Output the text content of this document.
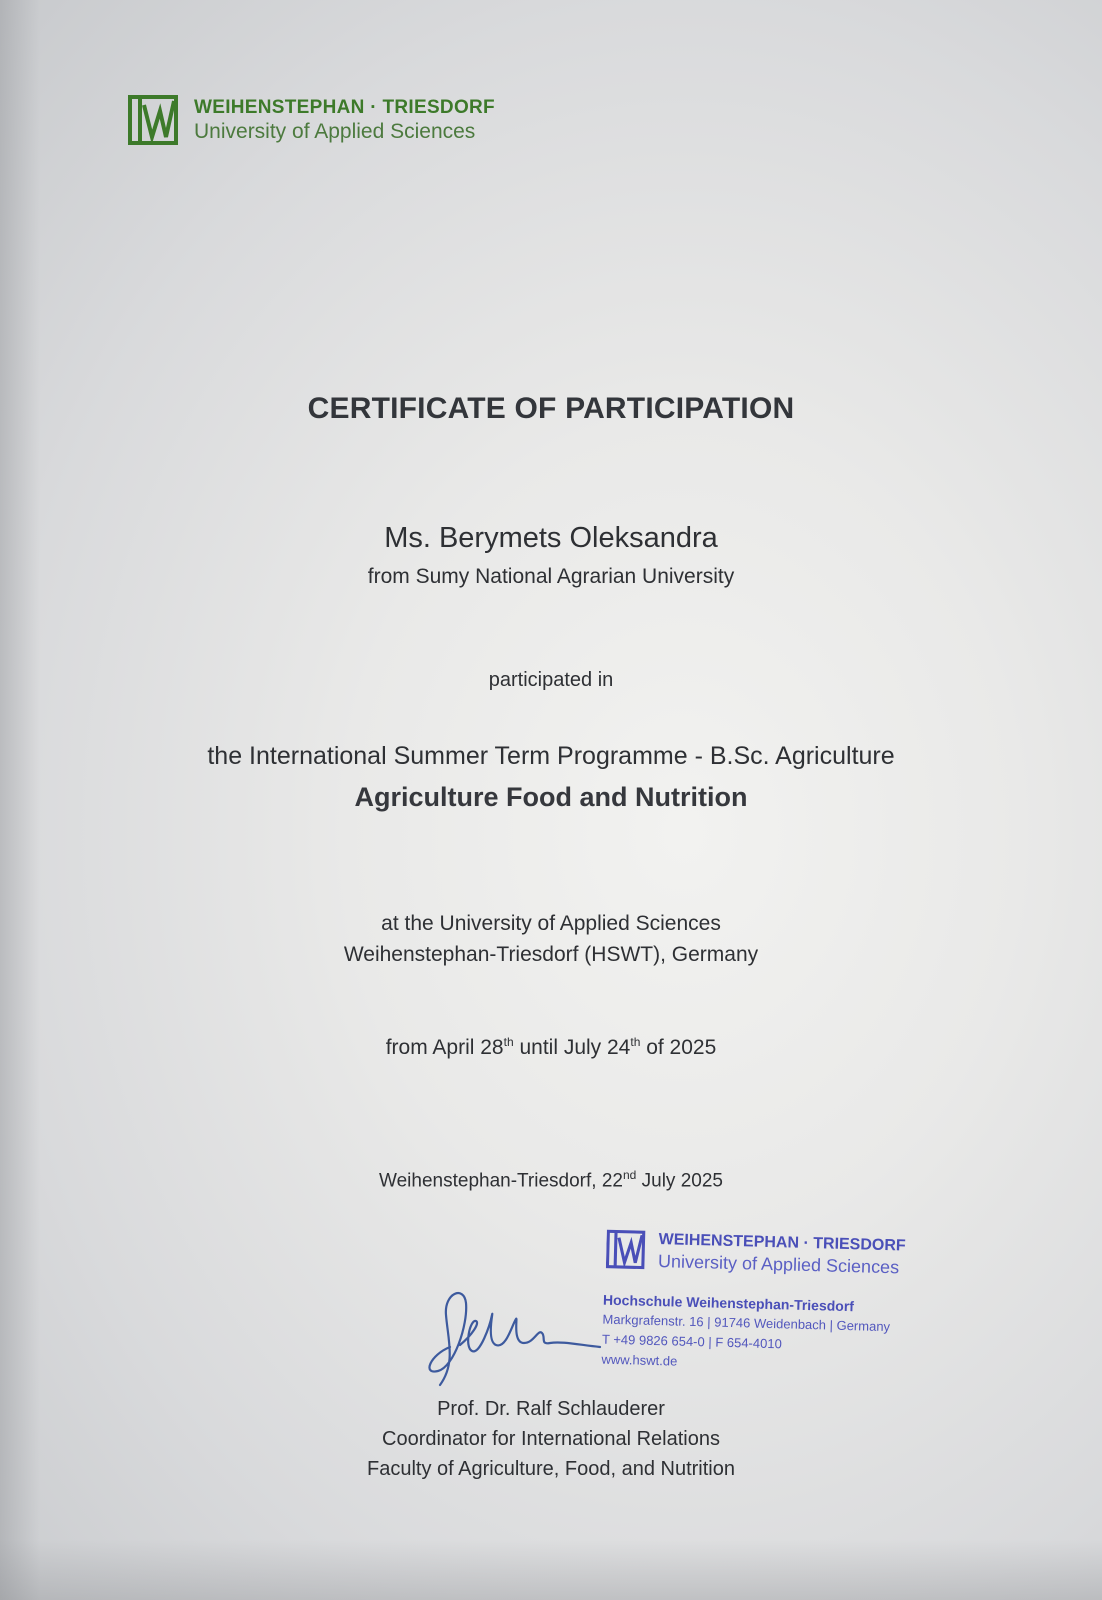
WEIHENSTEPHAN · TRIESDORF
University of Applied Sciences
CERTIFICATE OF PARTICIPATION
Ms. Berymets Oleksandra
from Sumy National Agrarian University
participated in
the International Summer Term Programme - B.Sc. Agriculture
Agriculture Food and Nutrition
at the University of Applied Sciences
Weihenstephan-Triesdorf (HSWT), Germany
from April 28th until July 24th of 2025
Weihenstephan-Triesdorf, 22nd July 2025
WEIHENSTEPHAN · TRIESDORF
University of Applied Sciences
Hochschule Weihenstephan-Triesdorf
Markgrafenstr. 16 | 91746 Weidenbach | Germany
T +49 9826 654-0 | F 654-4010
www.hswt.de
Prof. Dr. Ralf Schlauderer
Coordinator for International Relations
Faculty of Agriculture, Food, and Nutrition
